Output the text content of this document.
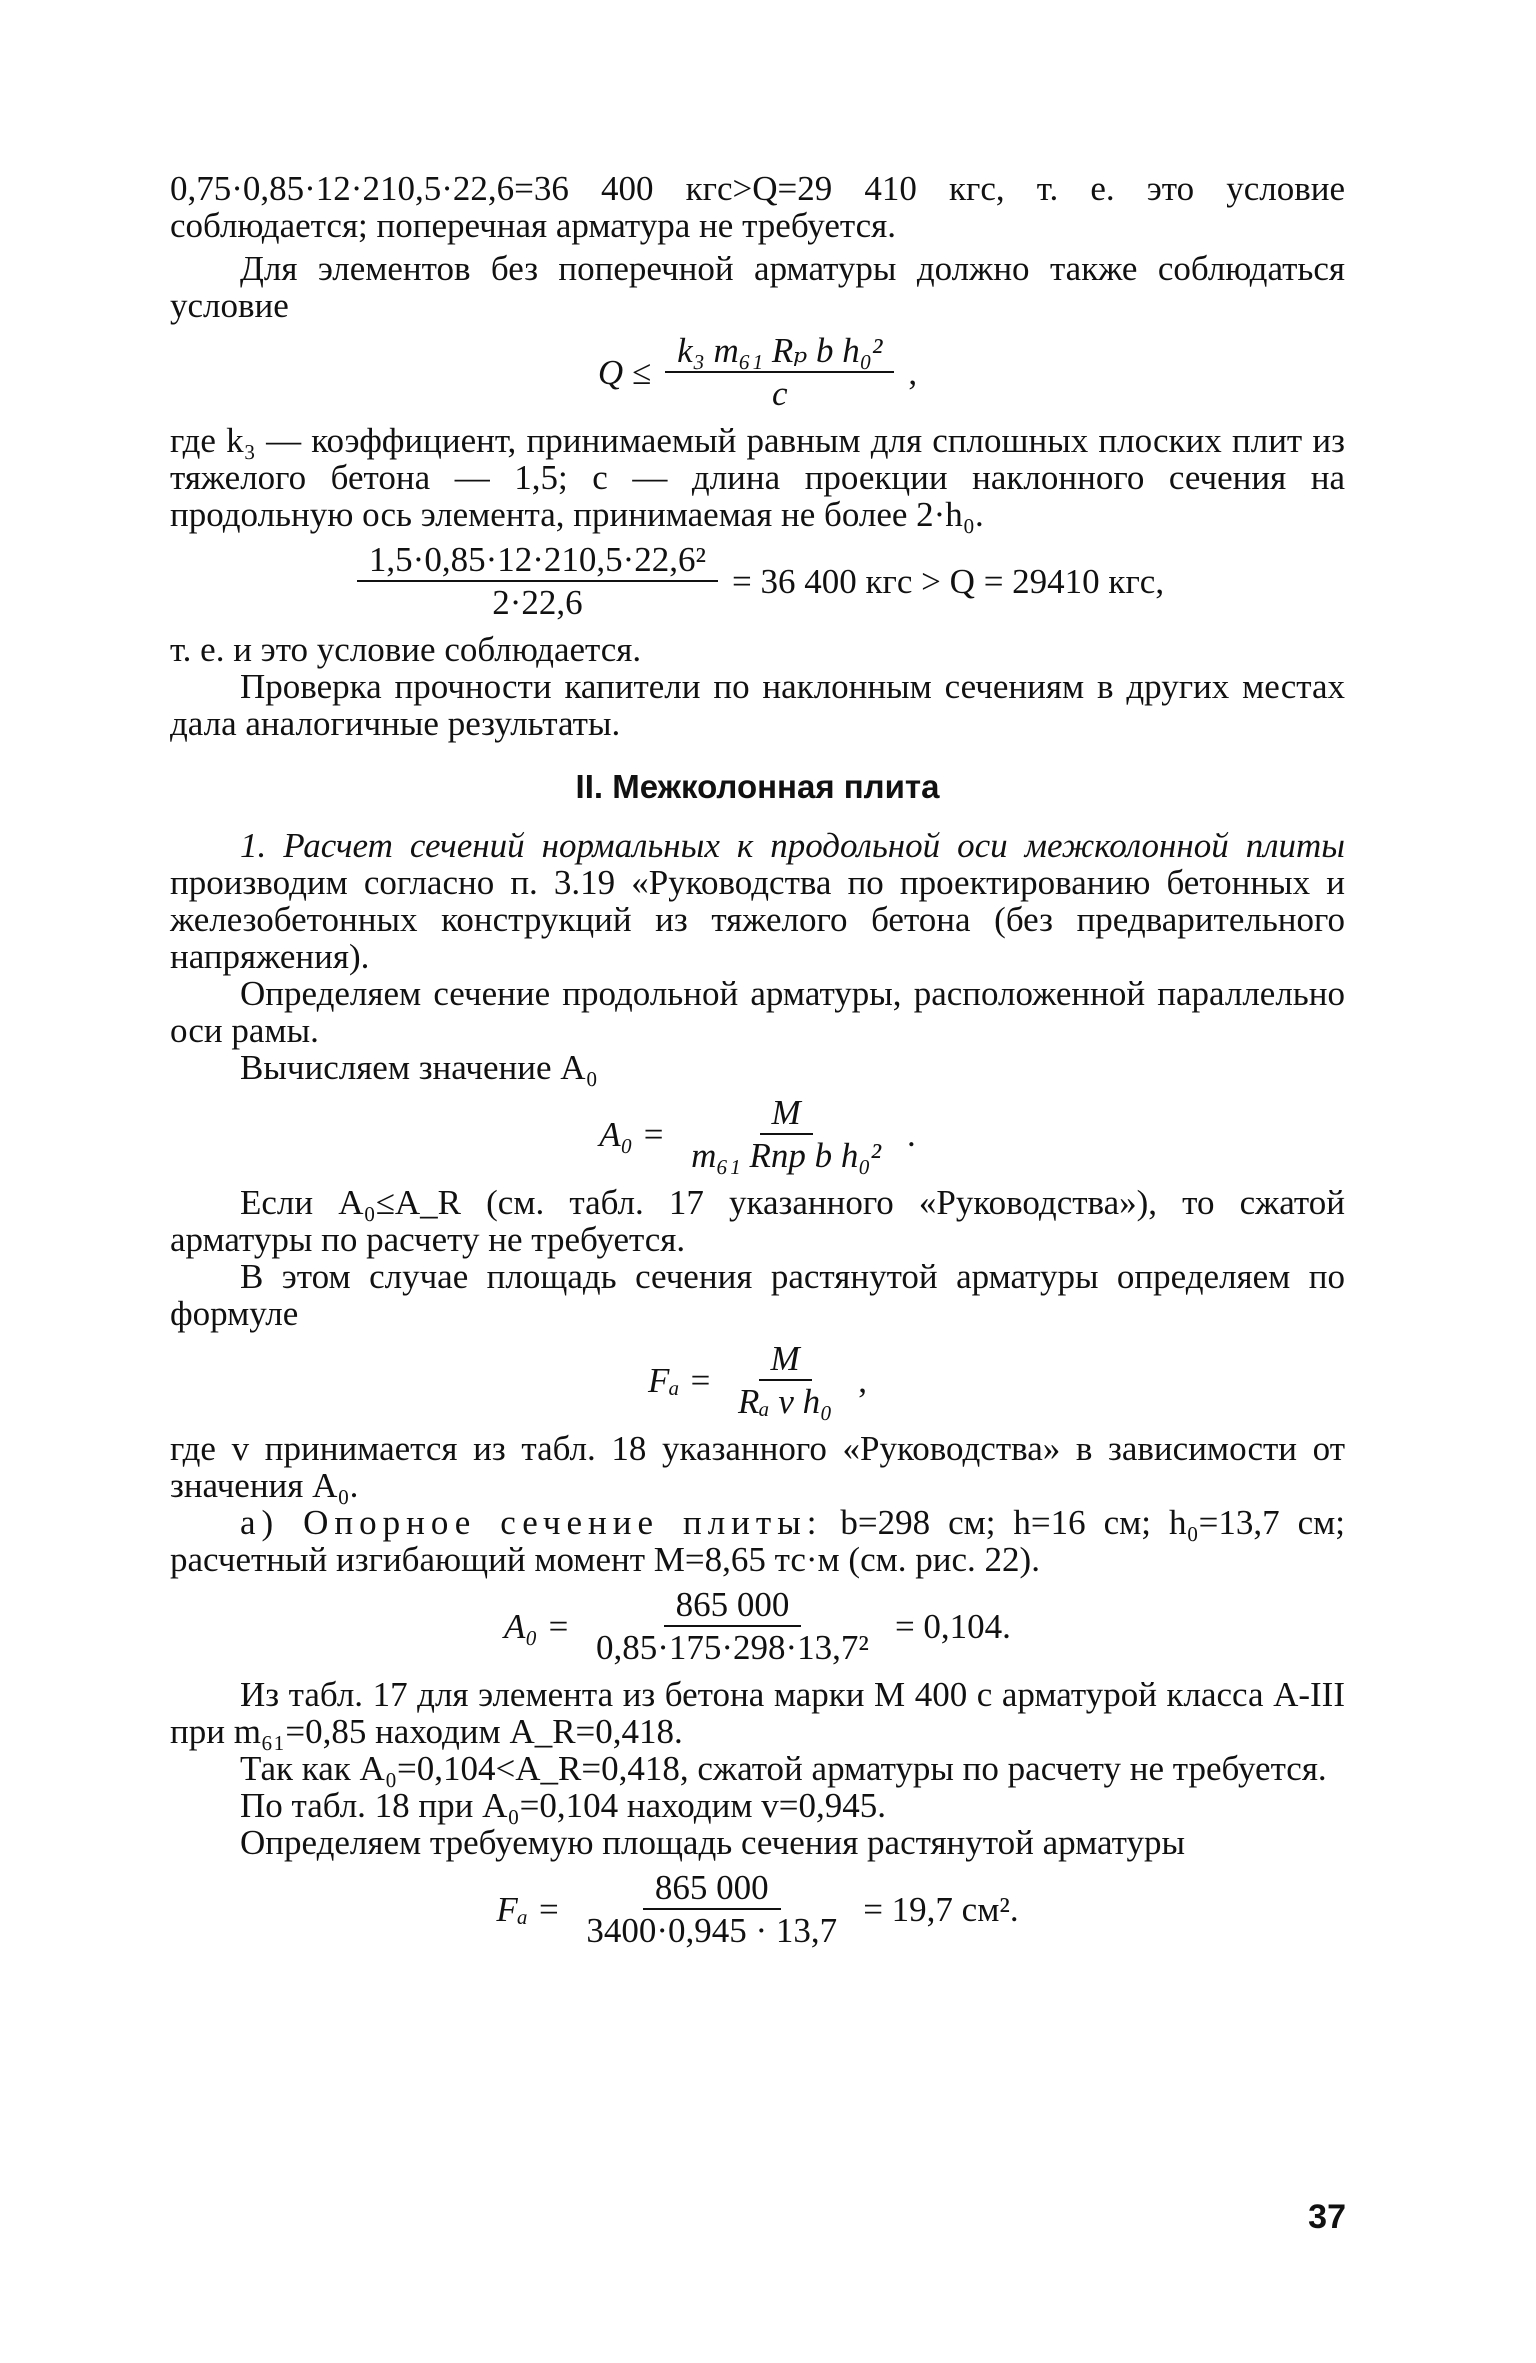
0,75·0,85·12·210,5·22,6=36 400 кгс>Q=29 410 кгс, т. е. это условие соблюдается; поперечная арматура не требуется.

Для элементов без поперечной арматуры должно также соблюдаться условие

$Q \le \frac{\text{k₃ m₆₁ Rₚ b h₀²}}{c}$ ,

где k₃ — коэффициент, принимаемый равным для сплошных плоских плит из тяжелого бетона — 1,5; c — длина проекции наклонного сечения на продольную ось элемента, принимаемая не более 2·h₀.

$\frac{\text{1,5·0,85·12·210,5·22,6²}}{2\cdot 22,6} = 36$ 400 кгс > Q = 29410 кгс,

т. е. и это условие соблюдается.

Проверка прочности капители по наклонным сечениям в других местах дала аналогичные результаты.

II. Межколонная плита

1. Расчет сечений нормальных к продольной оси межколонной плиты производим согласно п. 3.19 «Руководства по проектированию бетонных и железобетонных конструкций из тяжелого бетона (без предварительного напряжения).

Определяем сечение продольной арматуры, расположенной параллельно оси рамы.

Вычисляем значение A₀

$A_0 = \frac{M}{\text{m₆₁ Rпр b h₀²}}$ .

Если A₀≤A_R (см. табл. 17 указанного «Руководства»), то сжатой арматуры по расчету не требуется.

В этом случае площадь сечения растянутой арматуры определяем по формуле

$F_a = \frac{M}{\text{Rₐ v h₀}}$ ,

где v принимается из табл. 18 указанного «Руководства» в зависимости от значения A₀.

а) Опорное сечение плиты: b=298 см; h=16 см; h₀=13,7 см; расчетный изгибающий момент M=8,65 тс·м (см. рис. 22).

$A_0 = \frac{865 000}{\text{0,85·175·298·13,7²}} = 0,104$.

Из табл. 17 для элемента из бетона марки М 400 с арматурой класса А-III при m₆₁=0,85 находим A_R=0,418.

Так как A₀=0,104<A_R=0,418, сжатой арматуры по расчету не требуется.

По табл. 18 при A₀=0,104 находим v=0,945.

Определяем требуемую площадь сечения растянутой арматуры

$F_a = \frac{865 000}{3400\cdot 0,945 \cdot 13,7} = 19,7$ см².
37
